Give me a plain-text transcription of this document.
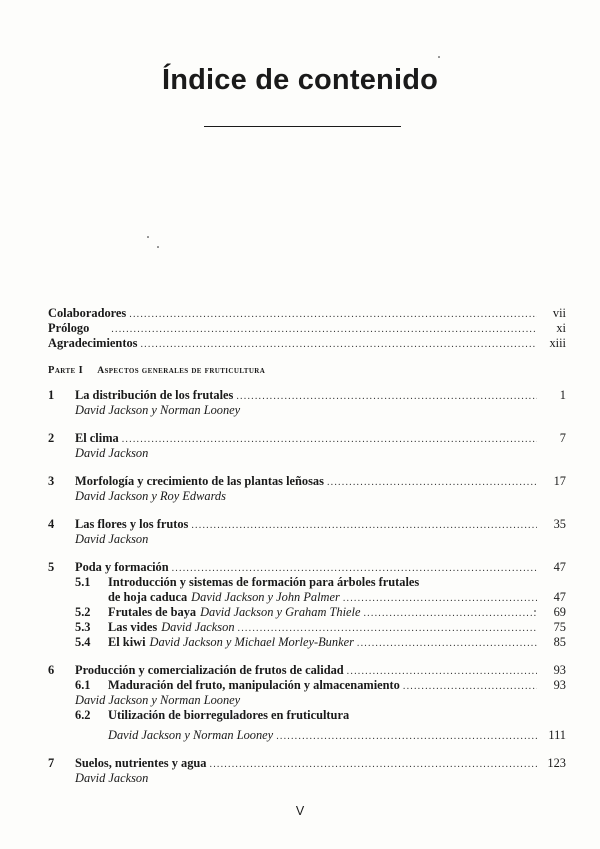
Índice de contenido
Colaboradores .....	vii
Prólogo .....	xi
Agradecimientos .....	xiii
Parte I Aspectos generales de fruticultura
1	La distribución de los frutales .....	1
David Jackson y Norman Looney
2	El clima .....	7
David Jackson
3	Morfología y crecimiento de las plantas leñosas .....	17
David Jackson y Roy Edwards
4	Las flores y los frutos .....	35
David Jackson
5	Poda y formación .....	47
5.1	Introducción y sistemas de formación para árboles frutales
de hoja caduca David Jackson y John Palmer .....	47
5.2	Frutales de baya David Jackson y Graham Thiele .....	69
5.3	Las vides David Jackson .....	75
5.4	El kiwi David Jackson y Michael Morley-Bunker .....	85
6	Producción y comercialización de frutos de calidad .....	93
6.1	Maduración del fruto, manipulación y almacenamiento .....	93
David Jackson y Norman Looney
6.2	Utilización de biorreguladores en fruticultura
David Jackson y Norman Looney .....	111
7	Suelos, nutrientes y agua .....	123
David Jackson
V
